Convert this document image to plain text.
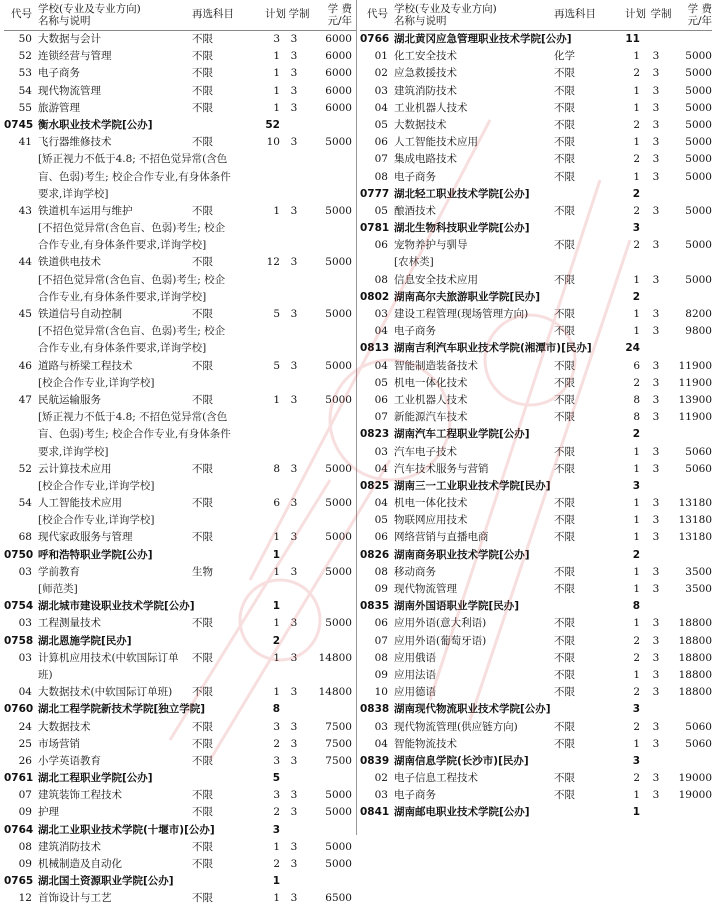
代号 学校(专业及专业方向)
名称与说明
再选科目	计划 学制	学 费
元/年
50 大数据与会计	不限	3	3	6000
52 连锁经营与管理	不限	1	3	6000
53 电子商务	不限	1	3	6000
54 现代物流管理	不限	1	3	6000
55 旅游管理	不限	1	3	6000
0745 衡水职业技术学院[公办]	52
41 飞行器维修技术	不限	10	3	5000
[矫正视力不低于4.8; 不招色觉异常(含色
盲、色弱)考生; 校企合作专业,有身体条件
要求,详询学校]
43 铁道机车运用与维护	不限	1	3	5000
[不招色觉异常(含色盲、色弱)考生; 校企
合作专业,有身体条件要求,详询学校]
44 铁道供电技术	不限	12	3	5000
[不招色觉异常(含色盲、色弱)考生; 校企
合作专业,有身体条件要求,详询学校]
45 铁道信号自动控制	不限	5	3	5000
[不招色觉异常(含色盲、色弱)考生; 校企
合作专业,有身体条件要求,详询学校]
46 道路与桥梁工程技术	不限	5	3	5000
[校企合作专业,详询学校]
47 民航运输服务	不限	1	3	5000
[矫正视力不低于4.8; 不招色觉异常(含色
盲、色弱)考生; 校企合作专业,有身体条件
要求,详询学校]
52 云计算技术应用	不限	8	3	5000
[校企合作专业,详询学校]
54 人工智能技术应用	不限	6	3	5000
[校企合作专业,详询学校]
68 现代家政服务与管理	不限	1	3	5000
0750 呼和浩特职业学院[公办]	1
03 学前教育	生物	1	3	5000
[师范类]
0754 湖北城市建设职业技术学院[公办]	1
03 工程测量技术	不限	1	3	5000
0758 湖北恩施学院[民办]	2
03 计算机应用技术(中软国际订单 不限	1	3	14800
班)
04 大数据技术(中软国际订单班) 不限	1	3	14800
0760 湖北工程学院新技术学院[独立学院]	8
24 大数据技术	不限	3	3	7500
25 市场营销	不限	2	3	7500
26 小学英语教育	不限	3	3	7500
0761 湖北工程职业学院[公办]	5
07 建筑装饰工程技术	不限	3	3	5000
09 护理	不限	2	3	5000
0764 湖北工业职业技术学院(十堰市)[公办]	3
08 建筑消防技术	不限	1	3	5000
09 机械制造及自动化	不限	2	3	5000
0765 湖北国土资源职业学院[公办]	1
12 首饰设计与工艺	不限	1	3	6500
代号 学校(专业及专业方向)
名称与说明
再选科目	计划 学制	学 费
元/年
0766 湖北黄冈应急管理职业技术学院[公办]	11
01 化工安全技术	化学	1	3	5000
02 应急救援技术	不限	2	3	5000
03 建筑消防技术	不限	1	3	5000
04 工业机器人技术	不限	1	3	5000
05 大数据技术	不限	2	3	5000
06 人工智能技术应用	不限	1	3	5000
07 集成电路技术	不限	2	3	5000
08 电子商务	不限	1	3	5000
0777 湖北轻工职业技术学院[公办]	2
05 酿酒技术	不限	2	3	5000
0781 湖北生物科技职业学院[公办]	3
06 宠物养护与驯导	不限	2	3	5000
[农林类]
08 信息安全技术应用	不限	1	3	5000
0802 湖南高尔夫旅游职业学院[民办]	2
03 建设工程管理(现场管理方向) 不限	1	3	8200
04 电子商务	不限	1	3	9800
0813 湖南吉利汽车职业技术学院(湘潭市)[民办]	24
04 智能制造装备技术	不限	6	3	11900
05 机电一体化技术	不限	2	3	11900
06 工业机器人技术	不限	8	3	13900
07 新能源汽车技术	不限	8	3	11900
0823 湖南汽车工程职业学院[公办]	2
03 汽车电子技术	不限	1	3	5060
04 汽车技术服务与营销	不限	1	3	5060
0825 湖南三一工业职业技术学院[民办]	3
04 机电一体化技术	不限	1	3	13180
05 物联网应用技术	不限	1	3	13180
06 网络营销与直播电商	不限	1	3	13180
0826 湖南商务职业技术学院[公办]	2
08 移动商务	不限	1	3	3500
09 现代物流管理	不限	1	3	3500
0835 湖南外国语职业学院[民办]	8
06 应用外语(意大利语)	不限	1	3	18800
07 应用外语(葡萄牙语)	不限	2	3	18800
08 应用俄语	不限	2	3	18800
09 应用法语	不限	1	3	18800
10 应用德语	不限	2	3	18800
0838 湖南现代物流职业技术学院[公办]	3
03 现代物流管理(供应链方向)	不限	2	3	5060
04 智能物流技术	不限	1	3	5060
0839 湖南信息学院(长沙市)[民办]	3
02 电子信息工程技术	不限	2	3	19000
03 电子商务	不限	1	3	19000
0841 湖南邮电职业技术学院[公办]	1
